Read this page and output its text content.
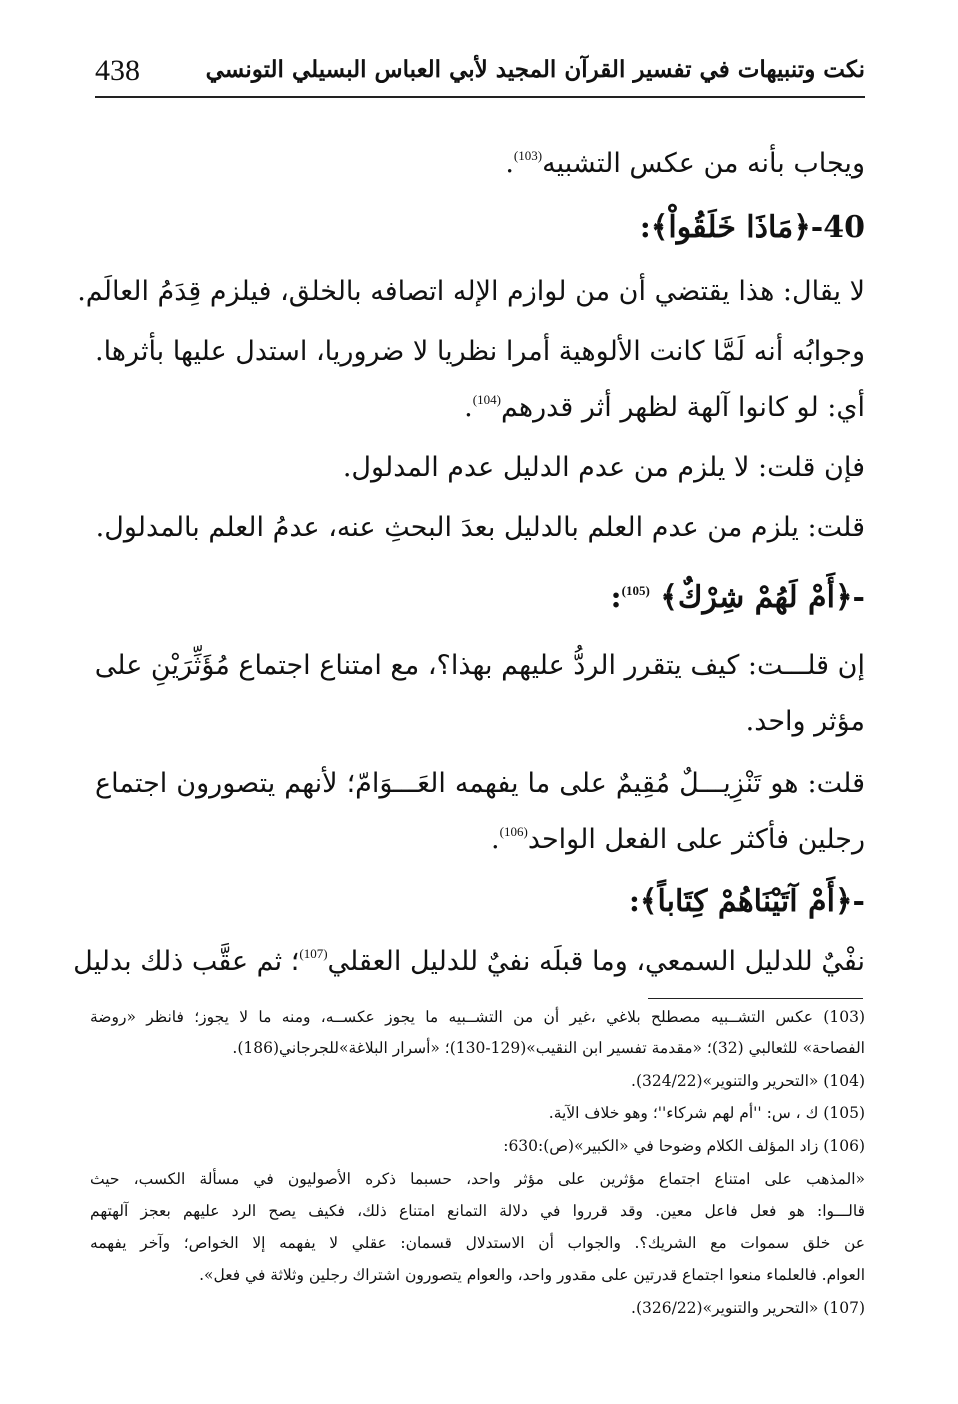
438	نكت وتنبيهات في تفسير القرآن المجيد لأبي العباس البسيلي التونسي
ويجاب بأنه من عكس التشبيه$^{(103)}$.
40-﴿مَاذَا خَلَقُواْ﴾:
لا يقال: هذا يقتضي أن من لوازم الإله اتصافه بالخلق، فيلزم قِدَمُ العالَم.
وجوابُه أنه لَمَّا كانت الألوهية أمرا نظريا لا ضروريا، استدل عليها بأثرها.
أي: لو كانوا آلهة لظهر أثر قدرهم$^{(104)}$.
فإن قلت: لا يلزم من عدم الدليل عدم المدلول.
قلت: يلزم من عدم العلم بالدليل بعدَ البحثِ عنه، عدمُ العلم بالمدلول.
-﴿أَمْ لَهُمْ شِرْكٌ﴾ $^{(105)}$:
إن قلـــت: كيف يتقرر الردُّ عليهم بهذا؟، مع امتناع اجتماع مُؤَثِّرَيْنِ على
مؤثر واحد.
قلت: هو تَنْزِيـــلٌ مُقِيمٌ على ما يفهمه العَـــوَامّ؛ لأنهم يتصورون اجتماع
رجلين فأكثر على الفعل الواحد$^{(106)}$.
-﴿أَمْ آتَيْنَاهُمْ كِتَاباً﴾:
نفْيٌ للدليل السمعي، وما قبلَه نفيٌ للدليل العقلي$^{(107)}$؛ ثم عقَّب ذلك بدليل
(103) عكس التشــبيه مصطلح بلاغي ،غير أن من التشــبيه ما يجوز عكســه، ومنه ما لا يجوز؛ فانظر «روضة
الفصاحة» للثعالبي (32)؛ «مقدمة تفسير ابن النقيب»(129-130)؛ «أسرار البلاغة»للجرجاني(186).
(104) «التحرير والتنوير»(324/22).
(105) ك ، س: ''أم لهم شركاء''؛ وهو خلاف الآية.
(106) زاد المؤلف الكلام وضوحا في «الكبير»(ص):630:
«المذهب على امتناع اجتماع مؤثرين على مؤثر واحد، حسبما ذكره الأصوليون في مسألة الكسب، حيث
قالـــوا: هو فعل فاعل معين. وقد قرروا في دلالة التمانع امتناع ذلك، فكيف يصح الرد عليهم بعجز آلهتهم
عن خلق سموات مع الشريك؟. والجواب أن الاستدلال قسمان: عقلي لا يفهمه إلا الخواص؛ وآخر يفهمه
العوام. فالعلماء منعوا اجتماع قدرتين على مقدور واحد، والعوام يتصورون اشتراك رجلين وثلاثة في فعل».
(107) «التحرير والتنوير»(326/22).
